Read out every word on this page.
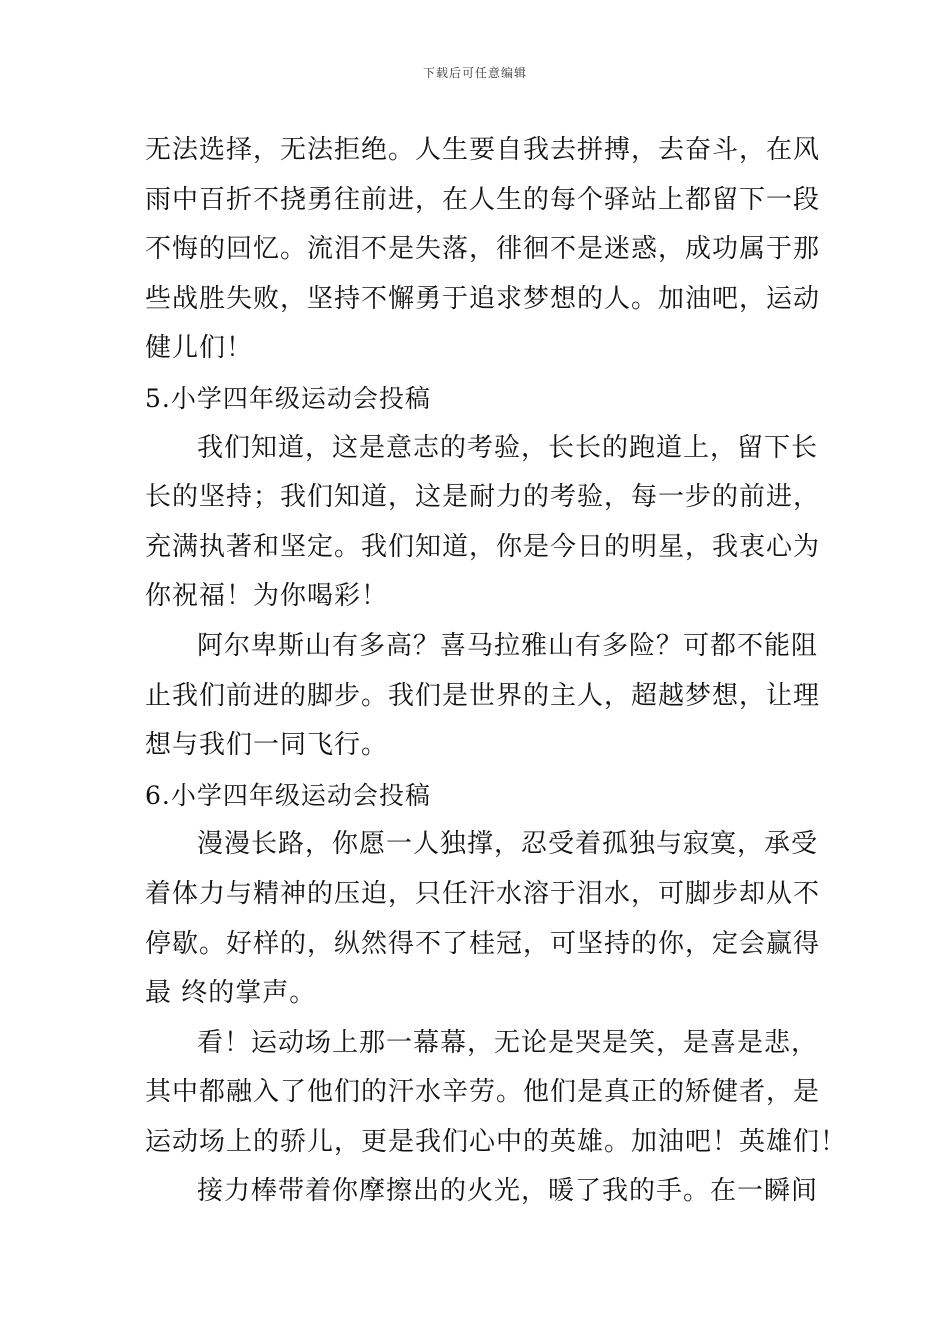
下载后可任意编辑
无法选择，无法拒绝。人生要自我去拼搏，去奋斗，在风
雨中百折不挠勇往前进，在人生的每个驿站上都留下一段
不悔的回忆。流泪不是失落，徘徊不是迷惑，成功属于那
些战胜失败，坚持不懈勇于追求梦想的人。加油吧，运动
健儿们！
5.小学四年级运动会投稿
我们知道，这是意志的考验，长长的跑道上，留下长
长的坚持；我们知道，这是耐力的考验，每一步的前进，
充满执著和坚定。我们知道，你是今日的明星，我衷心为
你祝福！为你喝彩！
阿尔卑斯山有多高？喜马拉雅山有多险？可都不能阻
止我们前进的脚步。我们是世界的主人，超越梦想，让理
想与我们一同飞行。
6.小学四年级运动会投稿
漫漫长路，你愿一人独撑，忍受着孤独与寂寞，承受
着体力与精神的压迫，只任汗水溶于泪水，可脚步却从不
停歇。好样的，纵然得不了桂冠，可坚持的你，定会赢得
最 终的掌声。
看！运动场上那一幕幕，无论是哭是笑，是喜是悲，
其中都融入了他们的汗水辛劳。他们是真正的矫健者，是
运动场上的骄儿，更是我们心中的英雄。加油吧！英雄们！
接力棒带着你摩擦出的火光，暖了我的手。在一瞬间
